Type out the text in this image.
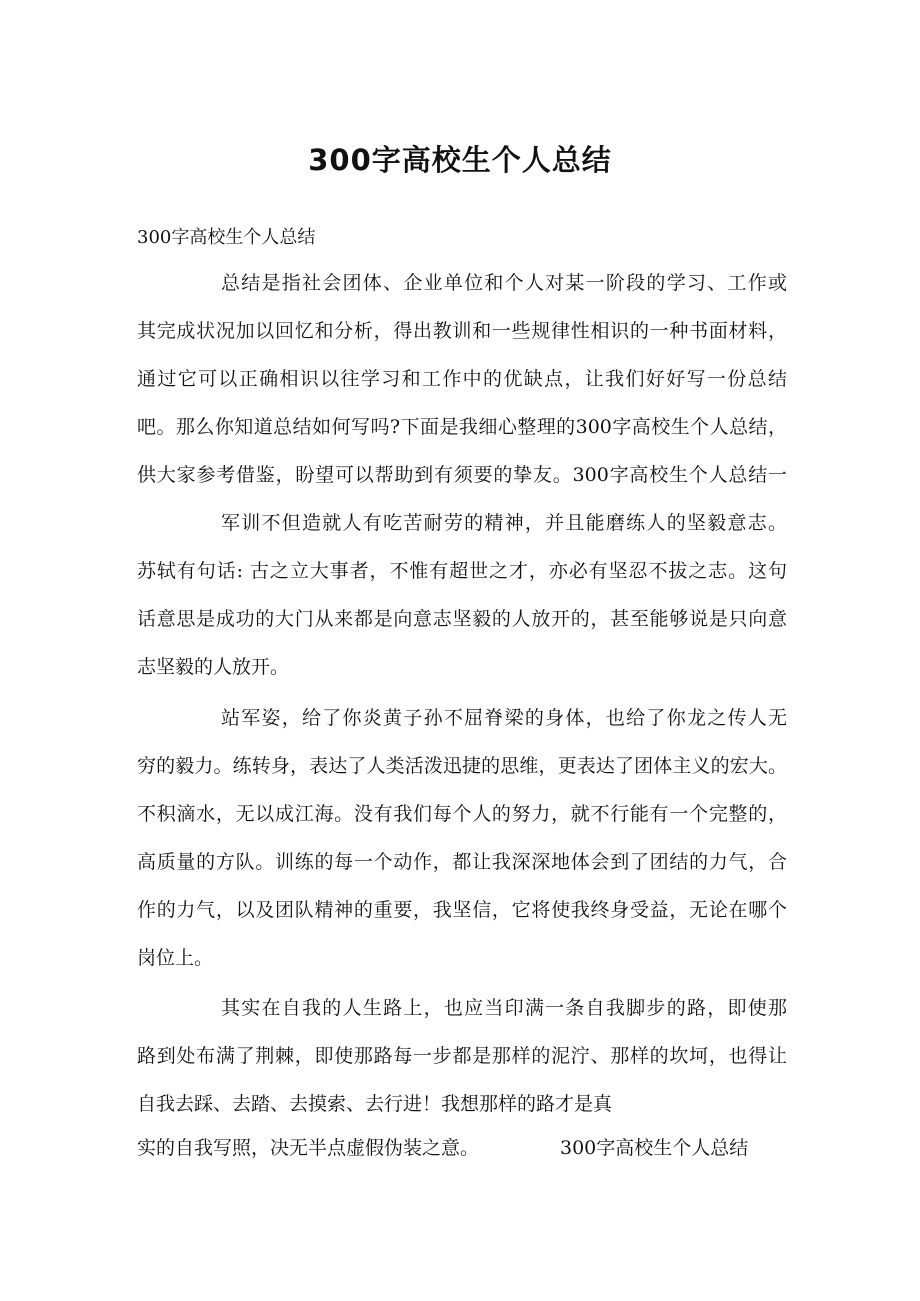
300字高校生个人总结
300字高校生个人总结
总结是指社会团体、企业单位和个人对某一阶段的学习、工作或
其完成状况加以回忆和分析，得出教训和一些规律性相识的一种书面材料，
通过它可以正确相识以往学习和工作中的优缺点，让我们好好写一份总结
吧。那么你知道总结如何写吗?下面是我细心整理的300字高校生个人总结，
供大家参考借鉴，盼望可以帮助到有须要的挚友。300字高校生个人总结一
军训不但造就人有吃苦耐劳的精神，并且能磨练人的坚毅意志。
苏轼有句话: 古之立大事者，不惟有超世之才，亦必有坚忍不拔之志。这句
话意思是成功的大门从来都是向意志坚毅的人放开的，甚至能够说是只向意
志坚毅的人放开。
站军姿，给了你炎黄子孙不屈脊梁的身体，也给了你龙之传人无
穷的毅力。练转身，表达了人类活泼迅捷的思维，更表达了团体主义的宏大。
不积滴水，无以成江海。没有我们每个人的努力，就不行能有一个完整的，
高质量的方队。训练的每一个动作，都让我深深地体会到了团结的力气，合
作的力气，以及团队精神的重要，我坚信，它将使我终身受益，无论在哪个
岗位上。
其实在自我的人生路上，也应当印满一条自我脚步的路，即使那
路到处布满了荆棘，即使那路每一步都是那样的泥泞、那样的坎坷，也得让
自我去踩、去踏、去摸索、去行进！我想那样的路才是真
实的自我写照，决无半点虚假伪装之意。	300字高校生个人总结
